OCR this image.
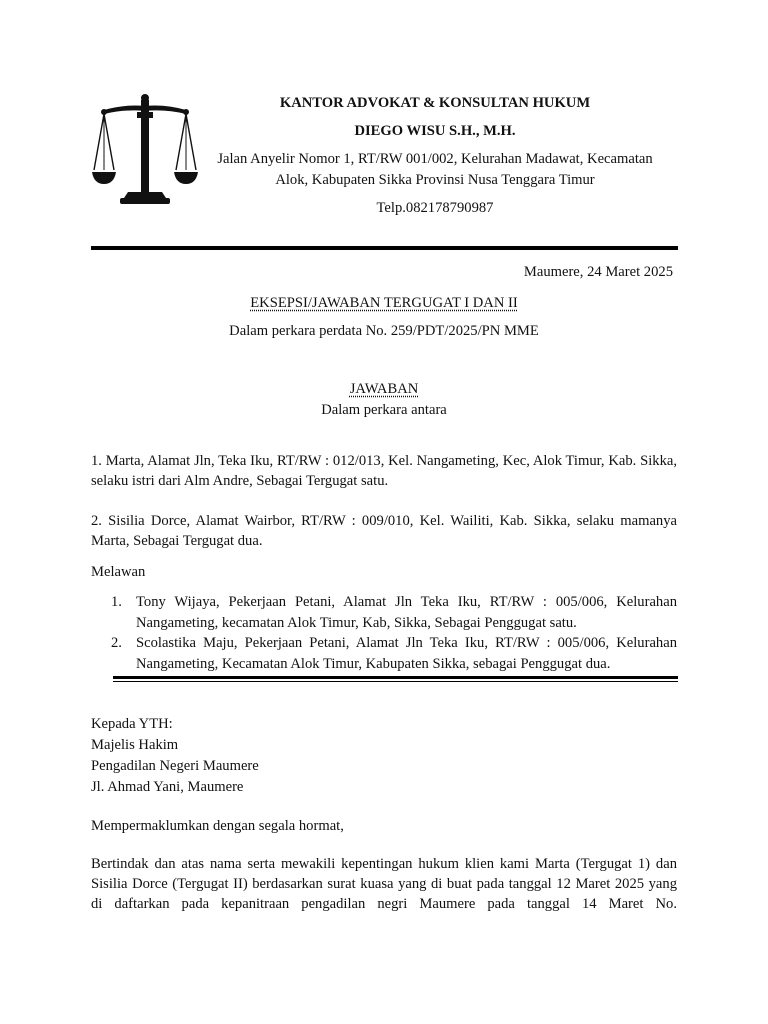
KANTOR ADVOKAT & KONSULTAN HUKUM
DIEGO WISU S.H., M.H.
Jalan Anyelir Nomor 1, RT/RW 001/002, Kelurahan Madawat, Kecamatan
Alok, Kabupaten Sikka Provinsi Nusa Tenggara Timur
Telp.082178790987
Maumere, 24 Maret 2025
EKSEPSI/JAWABAN TERGUGAT I DAN II
Dalam perkara perdata No. 259/PDT/2025/PN MME
JAWABAN
Dalam perkara antara
1. Marta, Alamat Jln, Teka Iku, RT/RW : 012/013, Kel. Nangameting, Kec, Alok Timur, Kab. Sikka, selaku istri dari Alm Andre, Sebagai Tergugat satu.
2. Sisilia Dorce, Alamat Wairbor, RT/RW : 009/010, Kel. Wailiti, Kab. Sikka, selaku mamanya Marta, Sebagai Tergugat dua.
Melawan
1. Tony Wijaya, Pekerjaan Petani, Alamat Jln Teka Iku, RT/RW : 005/006, Kelurahan Nangameting, kecamatan Alok Timur, Kab, Sikka, Sebagai Penggugat satu.
2. Scolastika Maju, Pekerjaan Petani, Alamat Jln Teka Iku, RT/RW : 005/006, Kelurahan Nangameting, Kecamatan Alok Timur, Kabupaten Sikka, sebagai Penggugat dua.
Kepada YTH:
Majelis Hakim
Pengadilan Negeri Maumere
Jl. Ahmad Yani, Maumere
Mempermaklumkan dengan segala hormat,
Bertindak dan atas nama serta mewakili kepentingan hukum klien kami Marta (Tergugat 1) dan Sisilia Dorce (Tergugat II) berdasarkan surat kuasa yang di buat pada tanggal 12 Maret 2025 yang di daftarkan pada kepanitraan pengadilan negri Maumere pada tanggal 14 Maret No.
